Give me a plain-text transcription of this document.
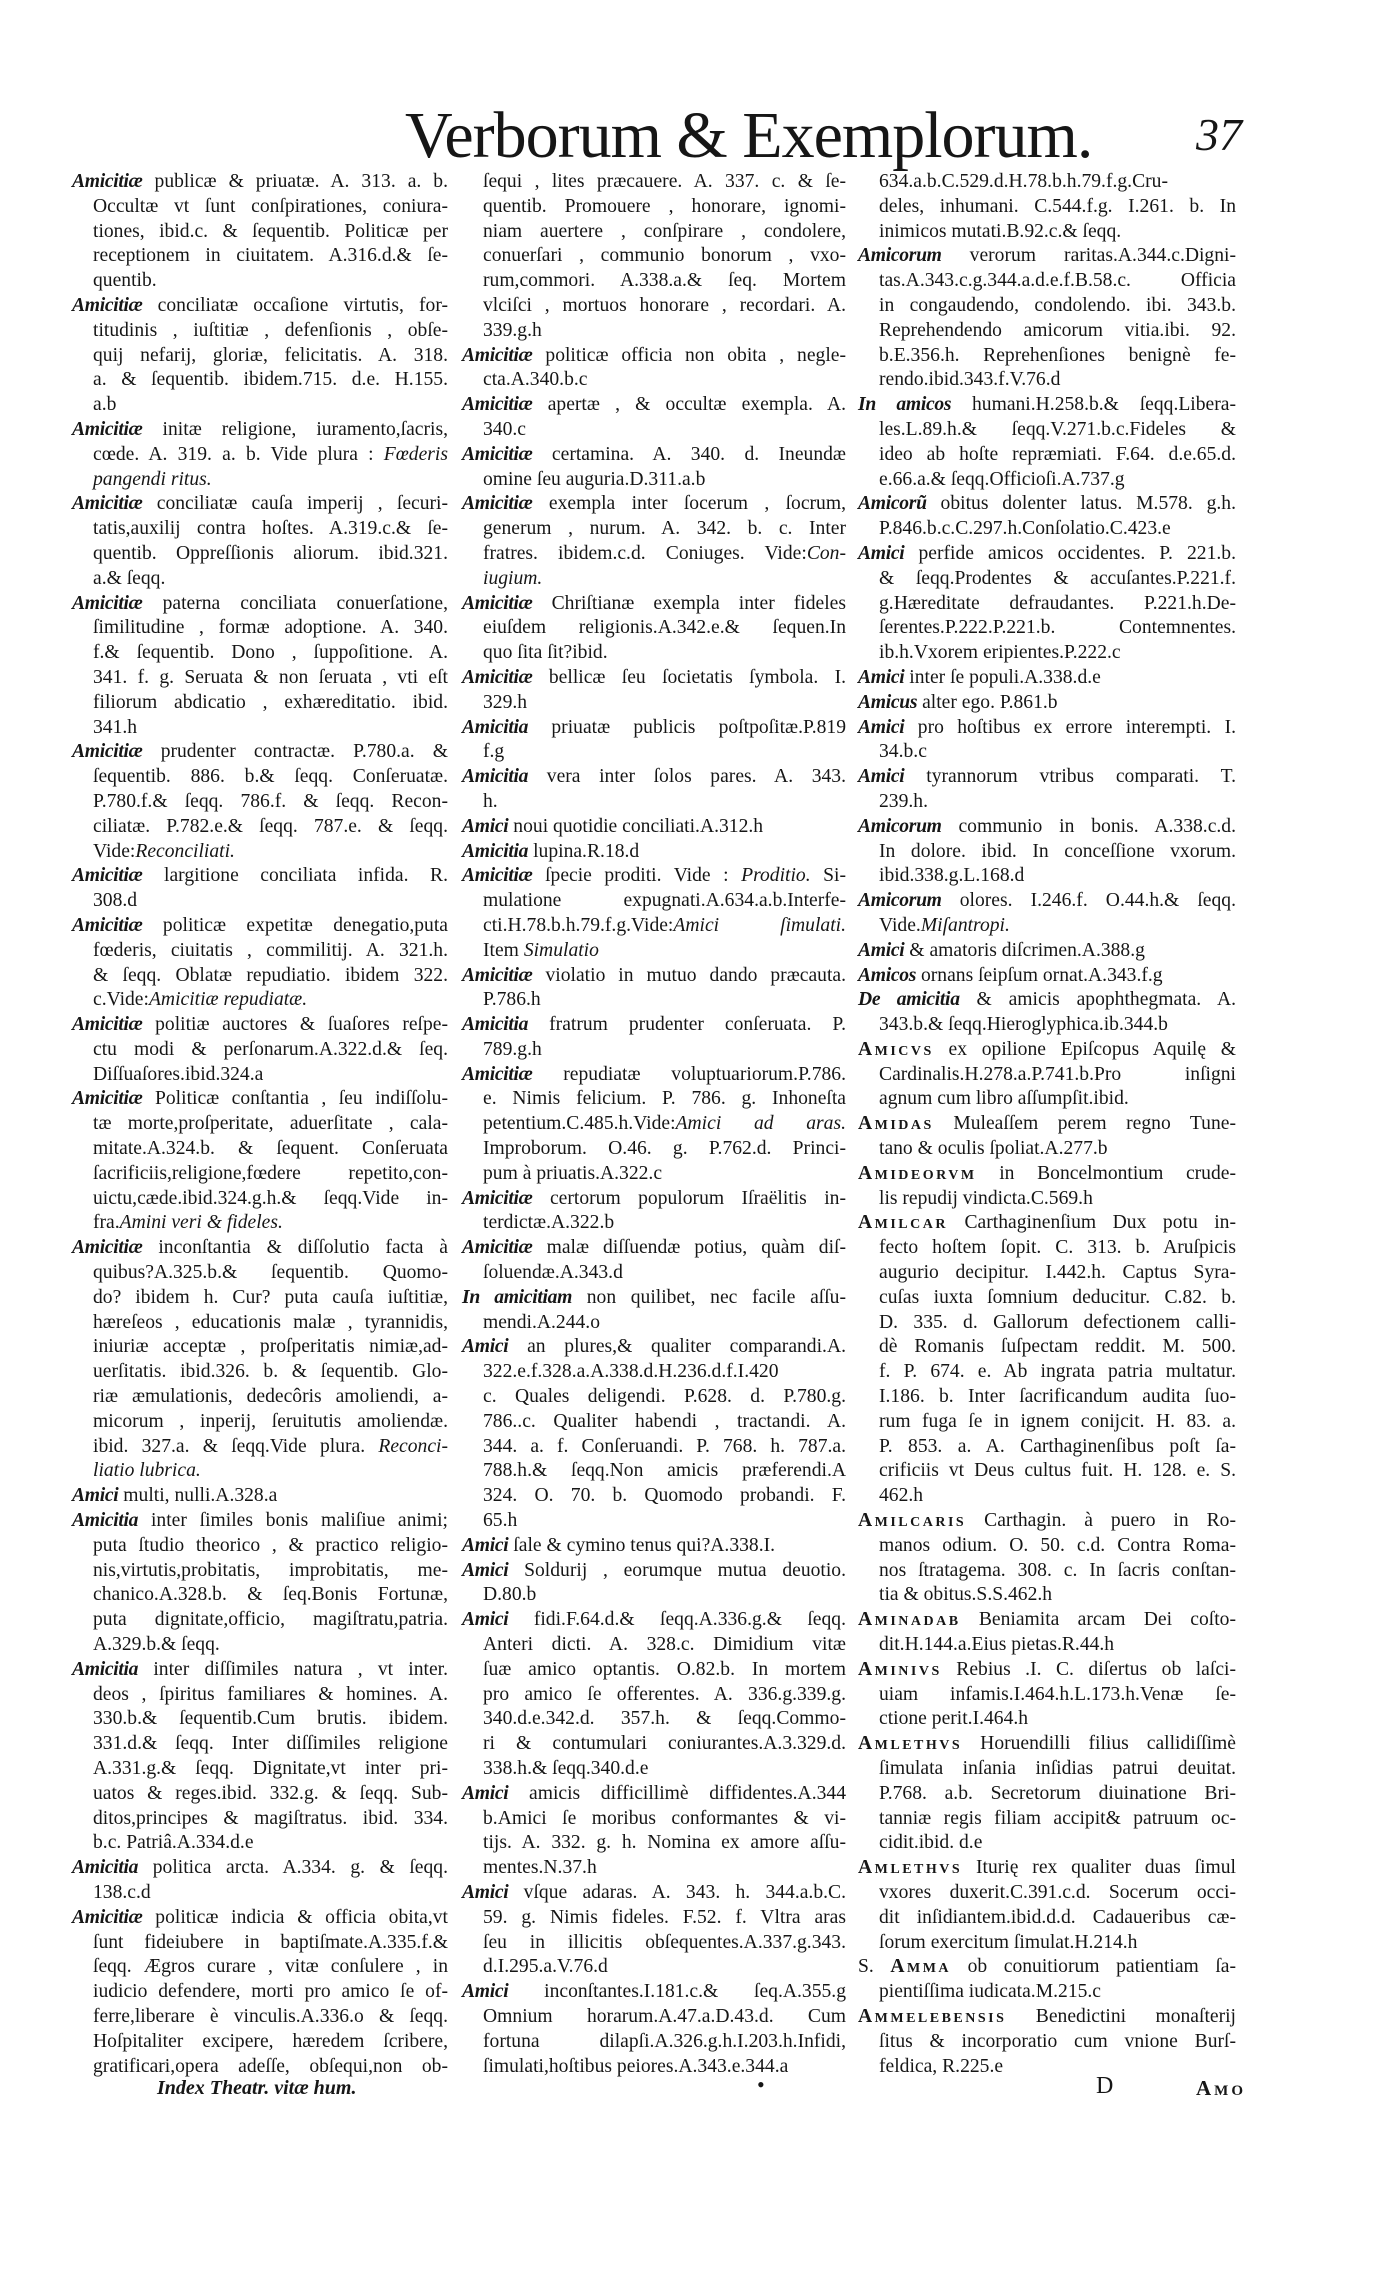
Verborum & Exemplorum. 37
Amicitiæ publicæ & priuatæ. A. 313. a. b.
Occultæ vt ſunt conſpirationes, coniura-
tiones, ibid.c. & ſequentib. Politicæ per
receptionem in ciuitatem. A.316.d.& ſe-
quentib.
Amicitiæ conciliatæ occaſione virtutis, for-
titudinis , iuſtitiæ , defenſionis , obſe-
quij nefarij, gloriæ, felicitatis. A. 318.
a. & ſequentib. ibidem.715. d.e. H.155.
a.b
Amicitiæ initæ religione, iuramento,ſacris,
cœde. A. 319. a. b. Vide plura : Fœderis
pangendi ritus.
Amicitiæ conciliatæ cauſa imperij , ſecuri-
tatis,auxilij contra hoſtes. A.319.c.& ſe-
quentib. Oppreſſionis aliorum. ibid.321.
a.& ſeqq.
Amicitiæ paterna conciliata conuerſatione,
ſimilitudine , formæ adoptione. A. 340.
f.& ſequentib. Dono , ſuppoſitione. A.
341. f. g. Seruata & non ſeruata , vti eſt
filiorum abdicatio , exhæreditatio. ibid.
341.h
Amicitiæ prudenter contractæ. P.780.a. &
ſequentib. 886. b.& ſeqq. Conſeruatæ.
P.780.f.& ſeqq. 786.f. & ſeqq. Recon-
ciliatæ. P.782.e.& ſeqq. 787.e. & ſeqq.
Vide:Reconciliati.
Amicitiæ largitione conciliata infida. R.
308.d
Amicitiæ politicæ expetitæ denegatio,puta
fœderis, ciuitatis , commilitij. A. 321.h.
& ſeqq. Oblatæ repudiatio. ibidem 322.
c.Vide:Amicitiæ repudiatæ.
Amicitiæ politiæ auctores & ſuaſores reſpe-
ctu modi & perſonarum.A.322.d.& ſeq.
Diſſuaſores.ibid.324.a
Amicitiæ Politicæ conſtantia , ſeu indiſſolu-
tæ morte,proſperitate, aduerſitate , cala-
mitate.A.324.b. & ſequent. Conſeruata
ſacrificiis,religione,fœdere repetito,con-
uictu,cæde.ibid.324.g.h.& ſeqq.Vide in-
fra.Amini veri & fideles.
Amicitiæ inconſtantia & diſſolutio facta à
quibus?A.325.b.& ſequentib. Quomo-
do? ibidem h. Cur? puta cauſa iuſtitiæ,
hæreſeos , educationis malæ , tyrannidis,
iniuriæ acceptæ , proſperitatis nimiæ,ad-
uerſitatis. ibid.326. b. & ſequentib. Glo-
riæ æmulationis, dedecôris amoliendi, a-
micorum , inperij, ſeruitutis amoliendæ.
ibid. 327.a. & ſeqq.Vide plura. Reconci-
liatio lubrica.
Amici multi, nulli.A.328.a
Amicitia inter ſimiles bonis maliſiue animi;
puta ſtudio theorico , & practico religio-
nis,virtutis,probitatis, improbitatis, me-
chanico.A.328.b. & ſeq.Bonis Fortunæ,
puta dignitate,officio, magiſtratu,patria.
A.329.b.& ſeqq.
Amicitia inter diſſimiles natura , vt inter.
deos , ſpiritus familiares & homines. A.
330.b.& ſequentib.Cum brutis. ibidem.
331.d.& ſeqq. Inter diſſimiles religione
A.331.g.& ſeqq. Dignitate,vt inter pri-
uatos & reges.ibid. 332.g. & ſeqq. Sub-
ditos,principes & magiſtratus. ibid. 334.
b.c. Patriâ.A.334.d.e
Amicitia politica arcta. A.334. g. & ſeqq.
138.c.d
Amicitiæ politicæ indicia & officia obita,vt
ſunt fideiubere in baptiſmate.A.335.f.&
ſeqq. Ægros curare , vitæ conſulere , in
iudicio defendere, morti pro amico ſe of-
ferre,liberare è vinculis.A.336.o & ſeqq.
Hoſpitaliter excipere, hæredem ſcribere,
gratificari,opera adeſſe, obſequi,non ob-
ſequi , lites præcauere. A. 337. c. & ſe-
quentib. Promouere , honorare, ignomi-
niam auertere , conſpirare , condolere,
conuerſari , communio bonorum , vxo-
rum,commori. A.338.a.& ſeq. Mortem
vlciſci , mortuos honorare , recordari. A.
339.g.h
Amicitiæ politicæ officia non obita , negle-
cta.A.340.b.c
Amicitiæ apertæ , & occultæ exempla. A.
340.c
Amicitiæ certamina. A. 340. d. Ineundæ
omine ſeu auguria.D.311.a.b
Amicitiæ exempla inter ſocerum , ſocrum,
generum , nurum. A. 342. b. c. Inter
fratres. ibidem.c.d. Coniuges. Vide:Con-
iugium.
Amicitiæ Chriſtianæ exempla inter fideles
eiuſdem religionis.A.342.e.& ſequen.In
quo ſita ſit?ibid.
Amicitiæ bellicæ ſeu ſocietatis ſymbola. I.
329.h
Amicitia priuatæ publicis poſtpoſitæ.P.819
f.g
Amicitia vera inter ſolos pares. A. 343.
h.
Amici noui quotidie conciliati.A.312.h
Amicitia lupina.R.18.d
Amicitiæ ſpecie proditi. Vide : Proditio. Si-
mulatione expugnati.A.634.a.b.Interfe-
cti.H.78.b.h.79.f.g.Vide:Amici ſimulati.
Item Simulatio
Amicitiæ violatio in mutuo dando præcauta.
P.786.h
Amicitia fratrum prudenter conſeruata. P.
789.g.h
Amicitiæ repudiatæ voluptuariorum.P.786.
e. Nimis felicium. P. 786. g. Inhoneſta
petentium.C.485.h.Vide:Amici ad aras.
Improborum. O.46. g. P.762.d. Princi-
pum à priuatis.A.322.c
Amicitiæ certorum populorum Iſraëlitis in-
terdictæ.A.322.b
Amicitiæ malæ diſſuendæ potius, quàm diſ-
ſoluendæ.A.343.d
In amicitiam non quilibet, nec facile aſſu-
mendi.A.244.o
Amici an plures,& qualiter comparandi.A.
322.e.f.328.a.A.338.d.H.236.d.f.I.420
c. Quales deligendi. P.628. d. P.780.g.
786..c. Qualiter habendi , tractandi. A.
344. a. f. Conſeruandi. P. 768. h. 787.a.
788.h.& ſeqq.Non amicis præferendi.A
324. O. 70. b. Quomodo probandi. F.
65.h
Amici ſale & cymino tenus qui?A.338.I.
Amici Soldurij , eorumque mutua deuotio.
D.80.b
Amici fidi.F.64.d.& ſeqq.A.336.g.& ſeqq.
Anteri dicti. A. 328.c. Dimidium vitæ
ſuæ amico optantis. O.82.b. In mortem
pro amico ſe offerentes. A. 336.g.339.g.
340.d.e.342.d. 357.h. & ſeqq.Commo-
ri & contumulari coniurantes.A.3.329.d.
338.h.& ſeqq.340.d.e
Amici amicis difficillimè diffidentes.A.344
b.Amici ſe moribus conformantes & vi-
tijs. A. 332. g. h. Nomina ex amore aſſu-
mentes.N.37.h
Amici vſque adaras. A. 343. h. 344.a.b.C.
59. g. Nimis fideles. F.52. f. Vltra aras
ſeu in illicitis obſequentes.A.337.g.343.
d.I.295.a.V.76.d
Amici inconſtantes.I.181.c.& ſeq.A.355.g
Omnium horarum.A.47.a.D.43.d. Cum
fortuna dilapſi.A.326.g.h.I.203.h.Infidi,
ſimulati,hoſtibus peiores.A.343.e.344.a
634.a.b.C.529.d.H.78.b.h.79.f.g.Cru-
deles, inhumani. C.544.f.g. I.261. b. In
inimicos mutati.B.92.c.& ſeqq.
Amicorum verorum raritas.A.344.c.Digni-
tas.A.343.c.g.344.a.d.e.f.B.58.c. Officia
in congaudendo, condolendo. ibi. 343.b.
Reprehendendo amicorum vitia.ibi. 92.
b.E.356.h. Reprehenſiones benignè fe-
rendo.ibid.343.f.V.76.d
In amicos humani.H.258.b.& ſeqq.Libera-
les.L.89.h.& ſeqq.V.271.b.c.Fideles &
ideo ab hoſte repræmiati. F.64. d.e.65.d.
e.66.a.& ſeqq.Officioſi.A.737.g
Amicorũ obitus dolenter latus. M.578. g.h.
P.846.b.c.C.297.h.Conſolatio.C.423.e
Amici perfide amicos occidentes. P. 221.b.
& ſeqq.Prodentes & accuſantes.P.221.f.
g.Hæreditate defraudantes. P.221.h.De-
ſerentes.P.222.P.221.b. Contemnentes.
ib.h.Vxorem eripientes.P.222.c
Amici inter ſe populi.A.338.d.e
Amicus alter ego. P.861.b
Amici pro hoſtibus ex errore interempti. I.
34.b.c
Amici tyrannorum vtribus comparati. T.
239.h.
Amicorum communio in bonis. A.338.c.d.
In dolore. ibid. In conceſſione vxorum.
ibid.338.g.L.168.d
Amicorum olores. I.246.f. O.44.h.& ſeqq.
Vide.Miſantropi.
Amici & amatoris diſcrimen.A.388.g
Amicos ornans ſeipſum ornat.A.343.f.g
De amicitia & amicis apophthegmata. A.
343.b.& ſeqq.Hieroglyphica.ib.344.b
Amicvs ex opilione Epiſcopus Aquilę &
Cardinalis.H.278.a.P.741.b.Pro inſigni
agnum cum libro aſſumpſit.ibid.
Amidas Muleaſſem perem regno Tune-
tano & oculis ſpoliat.A.277.b
Amideorvm in Boncelmontium crude-
lis repudij vindicta.C.569.h
Amilcar Carthaginenſium Dux potu in-
fecto hoſtem ſopit. C. 313. b. Aruſpicis
augurio decipitur. I.442.h. Captus Syra-
cuſas iuxta ſomnium deducitur. C.82. b.
D. 335. d. Gallorum defectionem calli-
dè Romanis ſuſpectam reddit. M. 500.
f. P. 674. e. Ab ingrata patria multatur.
I.186. b. Inter ſacrificandum audita ſuo-
rum fuga ſe in ignem conijcit. H. 83. a.
P. 853. a. A. Carthaginenſibus poſt ſa-
crificiis vt Deus cultus fuit. H. 128. e. S.
462.h
Amilcaris Carthagin. à puero in Ro-
manos odium. O. 50. c.d. Contra Roma-
nos ſtratagema. 308. c. In ſacris conſtan-
tia & obitus.S.S.462.h
Aminadab Beniamita arcam Dei coſto-
dit.H.144.a.Eius pietas.R.44.h
Aminivs Rebius .I. C. diſertus ob laſci-
uiam infamis.I.464.h.L.173.h.Venæ ſe-
ctione perit.I.464.h
Amlethvs Horuendilli filius callidiſſimè
ſimulata inſania inſidias patrui deuitat.
P.768. a.b. Secretorum diuinatione Bri-
tanniæ regis filiam accipit& patruum oc-
cidit.ibid. d.e
Amlethvs Iturię rex qualiter duas ſimul
vxores duxerit.C.391.c.d. Socerum occi-
dit inſidiantem.ibid.d.d. Cadaueribus cæ-
ſorum exercitum ſimulat.H.214.h
S. Amma ob conuitiorum patientiam ſa-
pientiſſima iudicata.M.215.c
Ammelebensis Benedictini monaſterij
ſitus & incorporatio cum vnione Burſ-
feldica, R.225.e
Index Theatr. vitæ hum.	•	D	Amo
